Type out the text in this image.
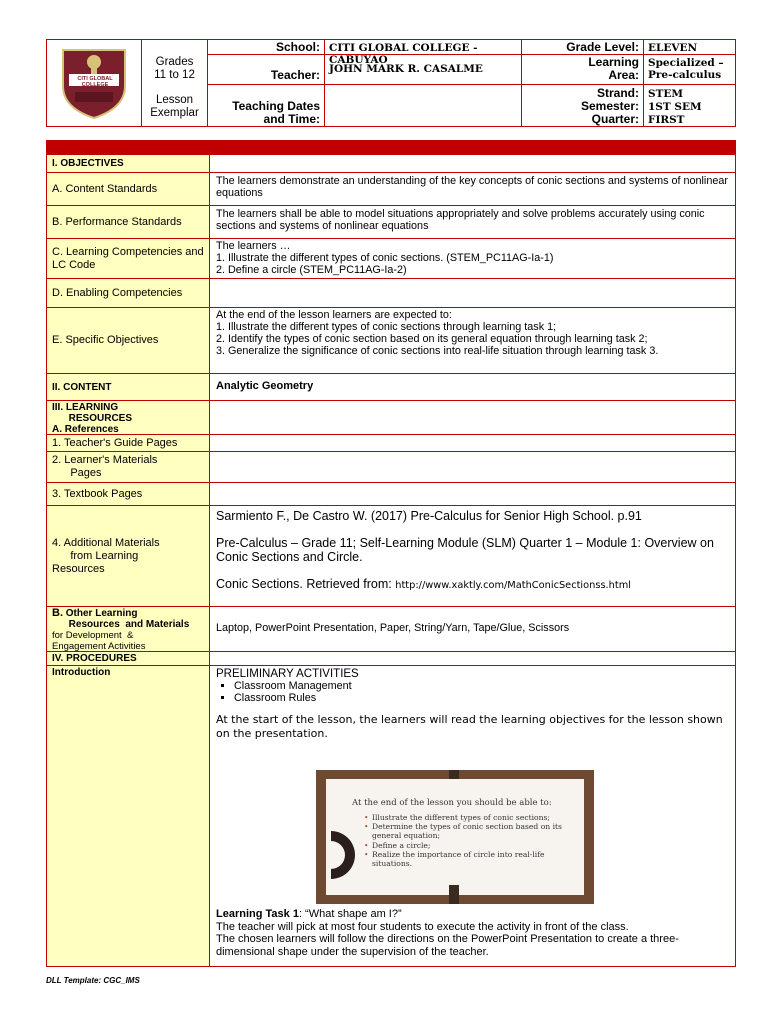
CITI GLOBAL COLLEGE
Grades
11 to 12
Lesson
Exemplar
School: CITI GLOBAL COLLEGE - CABUYAO
Teacher: JOHN MARK R. CASALME
Teaching Dates
and Time:
Grade Level: ELEVEN
Learning
Area:
Specialized –
Pre-calculus
Strand: STEM
Semester: 1ST SEM
Quarter: FIRST
I. OBJECTIVES
A. Content Standards
The learners demonstrate an understanding of the key concepts of conic sections and systems of nonlinear equations
B. Performance Standards
The learners shall be able to model situations appropriately and solve problems accurately using conic sections and systems of nonlinear equations
C. Learning Competencies and LC Code
The learners …
1. Illustrate the different types of conic sections. (STEM_PC11AG-Ia-1)
2. Define a circle (STEM_PC11AG-Ia-2)
D. Enabling Competencies
E. Specific Objectives
At the end of the lesson learners are expected to:
1. Illustrate the different types of conic sections through learning task 1;
2. Identify the types of conic section based on its general equation through learning task 2;
3. Generalize the significance of conic sections into real-life situation through learning task 3.
II. CONTENT	Analytic Geometry
III. LEARNING
RESOURCES
A. References
1. Teacher's Guide Pages
2. Learner's Materials
Pages
3. Textbook Pages
4. Additional Materials
from Learning
Resources
Sarmiento F., De Castro W. (2017) Pre-Calculus for Senior High School. p.91
Pre-Calculus – Grade 11; Self-Learning Module (SLM) Quarter 1 – Module 1: Overview on Conic Sections and Circle.
Conic Sections. Retrieved from: http://www.xaktly.com/MathConicSectionss.html
B. Other Learning
Resources  and Materials
for Development  &
Engagement Activities
Laptop, PowerPoint Presentation, Paper, String/Yarn, Tape/Glue, Scissors
IV. PROCEDURES
Introduction	PRELIMINARY ACTIVITIES
▪ Classroom Management
▪ Classroom Rules
At the start of the lesson, the learners will read the learning objectives for the lesson shown on the presentation.
At the end of the lesson you should be able to:
• Illustrate the different types of conic sections;
• Determine the types of conic section based on its general equation;
• Define a circle;
• Realize the importance of circle into real-life situations.
Learning Task 1: “What shape am I?”
The teacher will pick at most four students to execute the activity in front of the class.
The chosen learners will follow the directions on the PowerPoint Presentation to create a three-dimensional shape under the supervision of the teacher.
DLL Template: CGC_IMS
